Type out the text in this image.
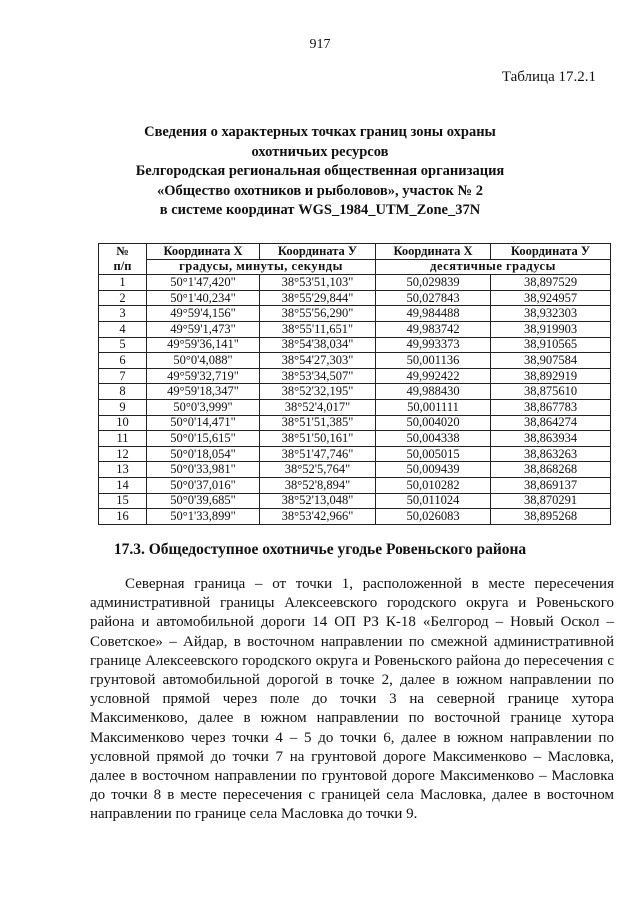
917
Таблица 17.2.1
Сведения о характерных точках границ зоны охраны
охотничьих ресурсов
Белгородская региональная общественная организация
«Общество охотников и рыболовов», участок № 2
в системе координат WGS_1984_UTM_Zone_37N
№
п/п	Координата Х	Координата У	Координата Х	Координата У
	градусы, минуты, секунды		десятичные градусы	
1	50°1'47,420"	38°53'51,103"	50,029839	38,897529
2	50°1'40,234"	38°55'29,844"	50,027843	38,924957
3	49°59'4,156"	38°55'56,290"	49,984488	38,932303
4	49°59'1,473"	38°55'11,651"	49,983742	38,919903
5	49°59'36,141"	38°54'38,034"	49,993373	38,910565
6	50°0'4,088"	38°54'27,303"	50,001136	38,907584
7	49°59'32,719"	38°53'34,507"	49,992422	38,892919
8	49°59'18,347"	38°52'32,195"	49,988430	38,875610
9	50°0'3,999"	38°52'4,017"	50,001111	38,867783
10	50°0'14,471"	38°51'51,385"	50,004020	38,864274
11	50°0'15,615"	38°51'50,161"	50,004338	38,863934
12	50°0'18,054"	38°51'47,746"	50,005015	38,863263
13	50°0'33,981"	38°52'5,764"	50,009439	38,868268
14	50°0'37,016"	38°52'8,894"	50,010282	38,869137
15	50°0'39,685"	38°52'13,048"	50,011024	38,870291
16	50°1'33,899"	38°53'42,966"	50,026083	38,895268
17.3. Общедоступное охотничье угодье Ровеньского района
Северная граница – от точки 1, расположенной в месте пересечения административной границы Алексеевского городского округа и Ровеньского района и автомобильной дороги 14 ОП РЗ К-18 «Белгород – Новый Оскол – Советское» – Айдар, в восточном направлении по смежной административной границе Алексеевского городского округа и Ровеньского района до пересечения с грунтовой автомобильной дорогой в точке 2, далее в южном направлении по условной прямой через поле до точки 3 на северной границе хутора Максименково, далее в южном направлении по восточной границе хутора Максименково через точки 4 – 5 до точки 6, далее в южном направлении по условной прямой до точки 7 на грунтовой дороге Максименково – Масловка, далее в восточном направлении по грунтовой дороге Максименково – Масловка до точки 8 в месте пересечения с границей села Масловка, далее в восточном направлении по границе села Масловка до точки 9.
